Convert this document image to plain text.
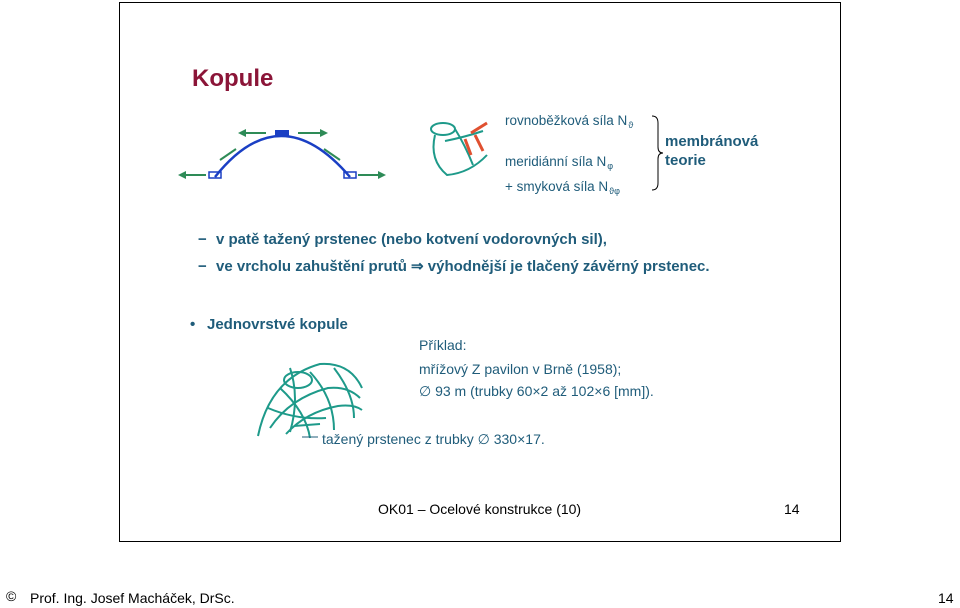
Kopule
rovnoběžková síla $N_ϑ$
meridiánní síla $N_\varphi$
+ smyková síla $N_{ϑ\varphi}$
membránová
teorie
− v patě tažený prstenec (nebo kotvení vodorovných sil),
− ve vrcholu zahuštění prutů ⇒ výhodnější je tlačený závěrný prstenec.
• Jednovrstvé kopule
Příklad:
mřížový Z pavilon v Brně (1958);
∅ 93 m (trubky 60×2 až 102×6 [mm]).
tažený prstenec z trubky ∅ 330×17.
OK01 – Ocelové konstrukce (10)	14
© Prof. Ing. Josef Macháček, DrSc.	14
